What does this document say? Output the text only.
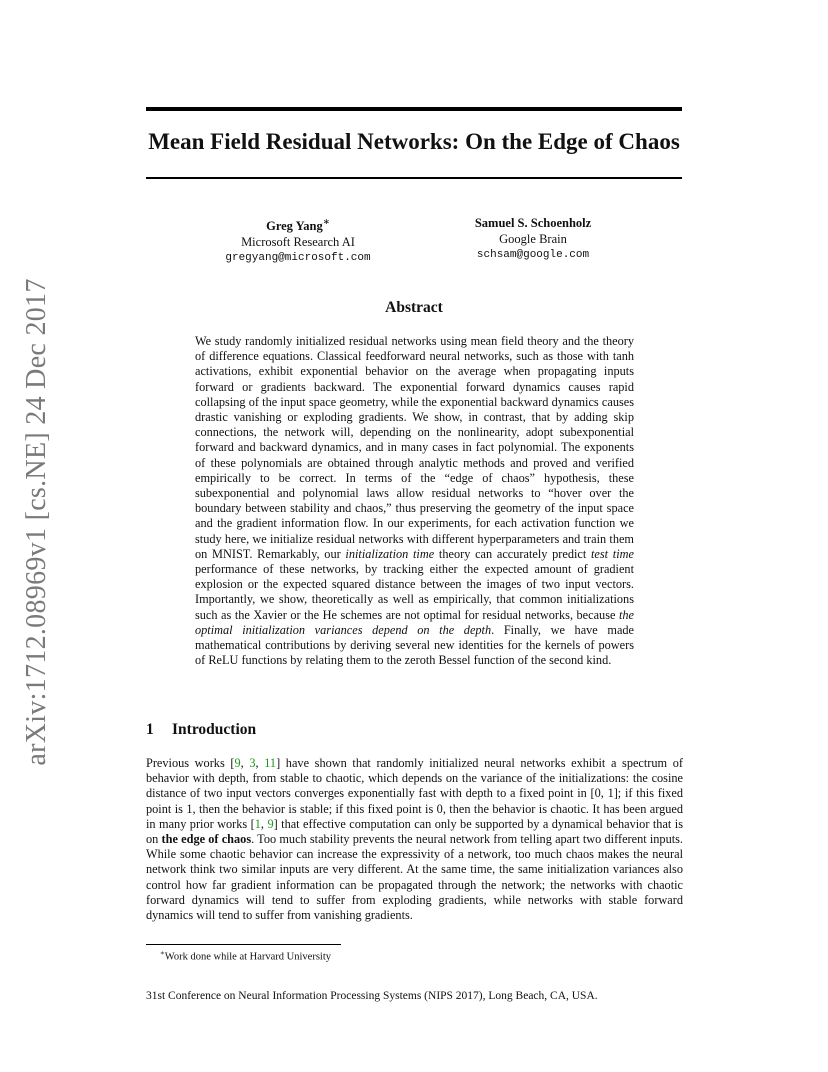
arXiv:1712.08969v1 [cs.NE] 24 Dec 2017
Mean Field Residual Networks: On the Edge of Chaos
Greg Yang∗
Microsoft Research AI
gregyang@microsoft.com
Samuel S. Schoenholz
Google Brain
schsam@google.com
Abstract

We study randomly initialized residual networks using mean field theory and the theory of difference equations. Classical feedforward neural networks, such as those with tanh activations, exhibit exponential behavior on the average when propagating inputs forward or gradients backward. The exponential forward dynamics causes rapid collapsing of the input space geometry, while the exponential backward dynamics causes drastic vanishing or exploding gradients. We show, in contrast, that by adding skip connections, the network will, depending on the nonlinearity, adopt subexponential forward and backward dynamics, and in many cases in fact polynomial. The exponents of these polynomials are obtained through analytic methods and proved and verified empirically to be correct. In terms of the “edge of chaos” hypothesis, these subexponential and polynomial laws allow residual networks to “hover over the boundary between stability and chaos,” thus preserving the geometry of the input space and the gradient information flow. In our experiments, for each activation function we study here, we initialize residual networks with different hyperparameters and train them on MNIST. Remarkably, our initialization time theory can accurately predict test time performance of these networks, by tracking either the expected amount of gradient explosion or the expected squared distance between the images of two input vectors. Importantly, we show, theoretically as well as empirically, that common initializations such as the Xavier or the He schemes are not optimal for residual networks, because the optimal initialization variances depend on the depth. Finally, we have made mathematical contributions by deriving several new identities for the kernels of powers of ReLU functions by relating them to the zeroth Bessel function of the second kind.

1 Introduction

Previous works [9, 3, 11] have shown that randomly initialized neural networks exhibit a spectrum of behavior with depth, from stable to chaotic, which depends on the variance of the initializations: the cosine distance of two input vectors converges exponentially fast with depth to a fixed point in [0, 1]; if this fixed point is 1, then the behavior is stable; if this fixed point is 0, then the behavior is chaotic. It has been argued in many prior works [1, 9] that effective computation can only be supported by a dynamical behavior that is on the edge of chaos. Too much stability prevents the neural network from telling apart two different inputs. While some chaotic behavior can increase the expressivity of a network, too much chaos makes the neural network think two similar inputs are very different. At the same time, the same initialization variances also control how far gradient information can be propagated through the network; the networks with chaotic forward dynamics will tend to suffer from exploding gradients, while networks with stable forward dynamics will tend to suffer from vanishing gradients.

∗Work done while at Harvard University
31st Conference on Neural Information Processing Systems (NIPS 2017), Long Beach, CA, USA.
